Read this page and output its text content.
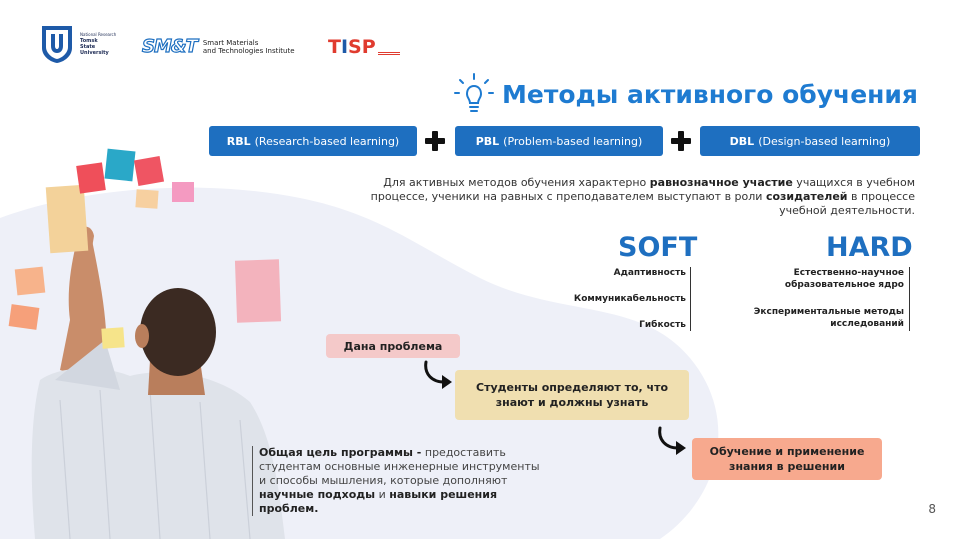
National Research
Tomsk
State
University	SM&T Smart Materials
and Technologies Institute TISP
Методы активного обучения
RBL (Research-based learning)	PBL (Problem-based learning)	DBL (Design-based learning)
Для активных методов обучения характерно равнозначное участие учащихся в учебном процессе, ученики на равных с преподавателем выступают в роли созидателей в процессе учебной деятельности.
SOFT
Адаптивность
Коммуникабельность
Гибкость
HARD
Естественно-научное образовательное ядро
Экспериментальные методы исследований
Дана проблема
Студенты определяют то, что знают и должны узнать
Обучение и применение знания в решении
Общая цель программы - предоставить студентам основные инженерные инструменты и способы мышления, которые дополняют научные подходы и навыки решения проблем.	8
